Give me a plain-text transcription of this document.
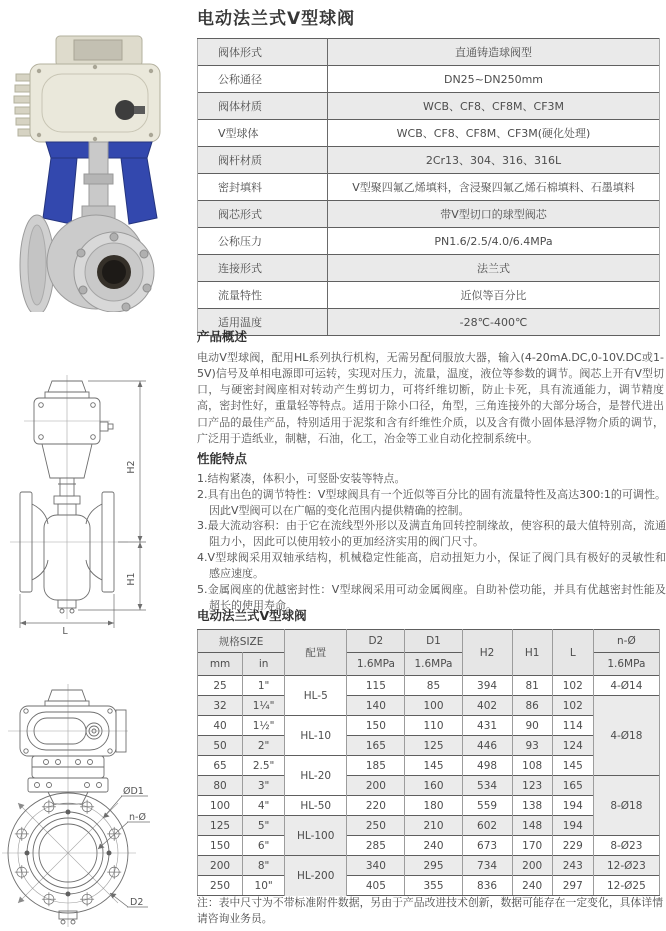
电动法兰式V型球阀
阀体形式	直通铸造球阀型
公称通径	DN25~DN250mm
阀体材质	WCB、CF8、CF8M、CF3M
V型球体	WCB、CF8、CF8M、CF3M(硬化处理)
阀杆材质	2Cr13、304、316、316L
密封填料	V型聚四氟乙烯填料，含浸聚四氟乙烯石棉填料、石墨填料
阀芯形式	带V型切口的球型阀芯
公称压力	PN1.6/2.5/4.0/6.4MPa
连接形式	法兰式
流量特性	近似等百分比
适用温度	-28℃-400℃
产品概述

电动V型球阀，配用HL系列执行机构，无需另配伺服放大器，输入(4-20mA.DC,0-10V.DC或1-5V)信号及单相电源即可运转，实现对压力，流量，温度，液位等参数的调节。阀芯上开有V型切口，与硬密封阀座相对转动产生剪切力，可将纤维切断，防止卡死，具有流通能力，调节精度高，密封性好，重量轻等特点。适用于除小口径，角型，三角连接外的大部分场合，是替代进出口产品的最佳产品，特别适用于泥浆和含有纤维性介质，以及含有微小固体悬浮物介质的调节，广泛用于造纸业，制糖，石油，化工，冶金等工业自动化控制系统中。

H2
H1
L
性能特点
1.结构紧凑，体积小，可竖卧安装等特点。
2.具有出色的调节特性：V型球阀具有一个近似等百分比的固有流量特性及高达300:1的可调性。因此V型阀可以在广幅的变化范围内提供精确的控制。
3.最大流动容积：由于它在流线型外形以及满直角回转控制缘故，使容积的最大值特别高，流通阻力小，因此可以使用较小的更加经济实用的阀门尺寸。
4.V型球阀采用双轴承结构，机械稳定性能高，启动扭矩力小，保证了阀门具有极好的灵敏性和感应速度。
5.金属阀座的优越密封性：V型球阀采用可动金属阀座。自助补偿功能，并具有优越密封性能及超长的使用寿命。
电动法兰式V型球阀
ØD1
n-Ø
D2
规格SIZE		配置	D2	D1	H2	H1	L	n-Ø
mm	in		1.6MPa	1.6MPa				1.6MPa
25	1"	HL-5	115	85	394	81	102	4-Ø14
32	1¼"		140	100	402	86	102	4-Ø18
40	1½"	HL-10	150	110	431	90	114	
50	2"		165	125	446	93	124	
65	2.5"	HL-20	185	145	498	108	145	
80	3"		200	160	534	123	165	8-Ø18
100	4"	HL-50	220	180	559	138	194	
125	5"	HL-100	250	210	602	148	194	
150	6"		285	240	673	170	229	8-Ø23
200	8"	HL-200	340	295	734	200	243	12-Ø23
250	10"		405	355	836	240	297	12-Ø25

注：表中尺寸为不带标准附件数据，另由于产品改进技术创新，数据可能存在一定变化，具体详情请咨询业务员。
